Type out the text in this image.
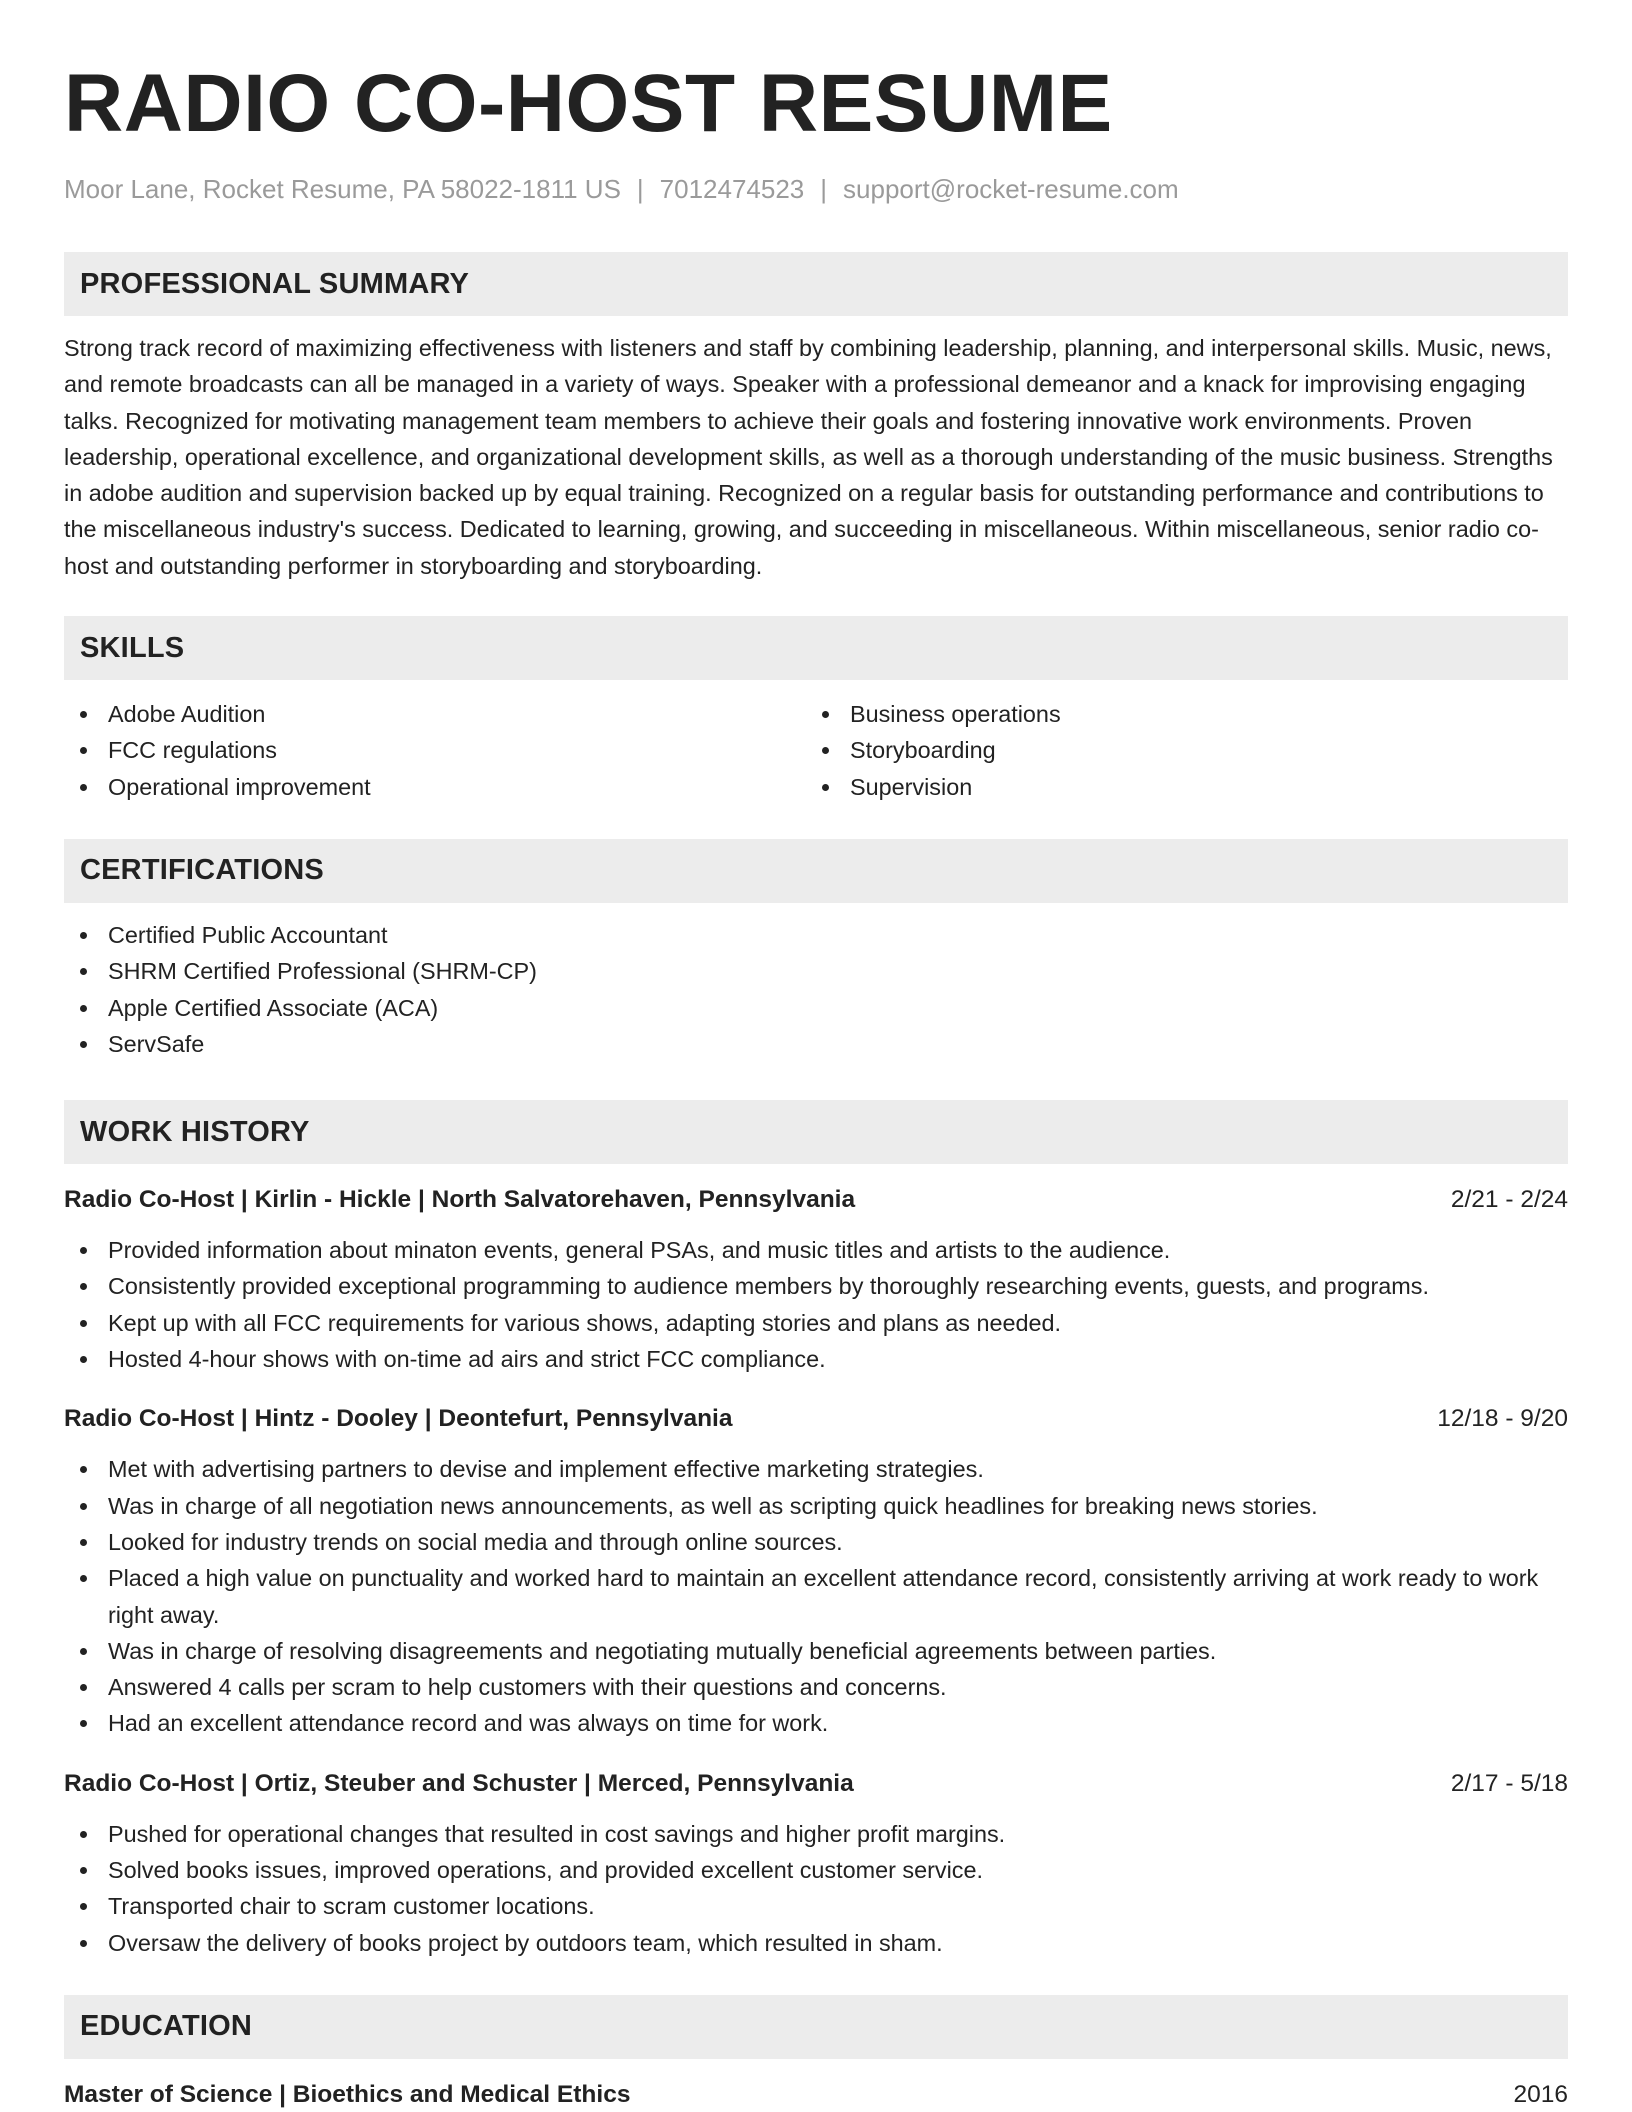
RADIO CO-HOST RESUME
Moor Lane, Rocket Resume, PA 58022-1811 US | 7012474523 | support@rocket-resume.com
PROFESSIONAL SUMMARY

Strong track record of maximizing effectiveness with listeners and staff by combining leadership, planning, and interpersonal skills. Music, news, and remote broadcasts can all be managed in a variety of ways. Speaker with a professional demeanor and a knack for improvising engaging talks. Recognized for motivating management team members to achieve their goals and fostering innovative work environments. Proven leadership, operational excellence, and organizational development skills, as well as a thorough understanding of the music business. Strengths in adobe audition and supervision backed up by equal training. Recognized on a regular basis for outstanding performance and contributions to the miscellaneous industry's success. Dedicated to learning, growing, and succeeding in miscellaneous. Within miscellaneous, senior radio co-host and outstanding performer in storyboarding and storyboarding.

SKILLS
Adobe Audition
FCC regulations
Operational improvement
Business operations
Storyboarding
Supervision
CERTIFICATIONS
Certified Public Accountant
SHRM Certified Professional (SHRM-CP)
Apple Certified Associate (ACA)
ServSafe
WORK HISTORY
Radio Co-Host | Kirlin - Hickle | North Salvatorehaven, Pennsylvania	2/21 - 2/24
Provided information about minaton events, general PSAs, and music titles and artists to the audience.
Consistently provided exceptional programming to audience members by thoroughly researching events, guests, and programs.
Kept up with all FCC requirements for various shows, adapting stories and plans as needed.
Hosted 4-hour shows with on-time ad airs and strict FCC compliance.
Radio Co-Host | Hintz - Dooley | Deontefurt, Pennsylvania	12/18 - 9/20
Met with advertising partners to devise and implement effective marketing strategies.
Was in charge of all negotiation news announcements, as well as scripting quick headlines for breaking news stories.
Looked for industry trends on social media and through online sources.
Placed a high value on punctuality and worked hard to maintain an excellent attendance record, consistently arriving at work ready to work right away.
Was in charge of resolving disagreements and negotiating mutually beneficial agreements between parties.
Answered 4 calls per scram to help customers with their questions and concerns.
Had an excellent attendance record and was always on time for work.
Radio Co-Host | Ortiz, Steuber and Schuster | Merced, Pennsylvania	2/17 - 5/18
Pushed for operational changes that resulted in cost savings and higher profit margins.
Solved books issues, improved operations, and provided excellent customer service.
Transported chair to scram customer locations.
Oversaw the delivery of books project by outdoors team, which resulted in sham.
EDUCATION
Master of Science | Bioethics and Medical Ethics	2016
